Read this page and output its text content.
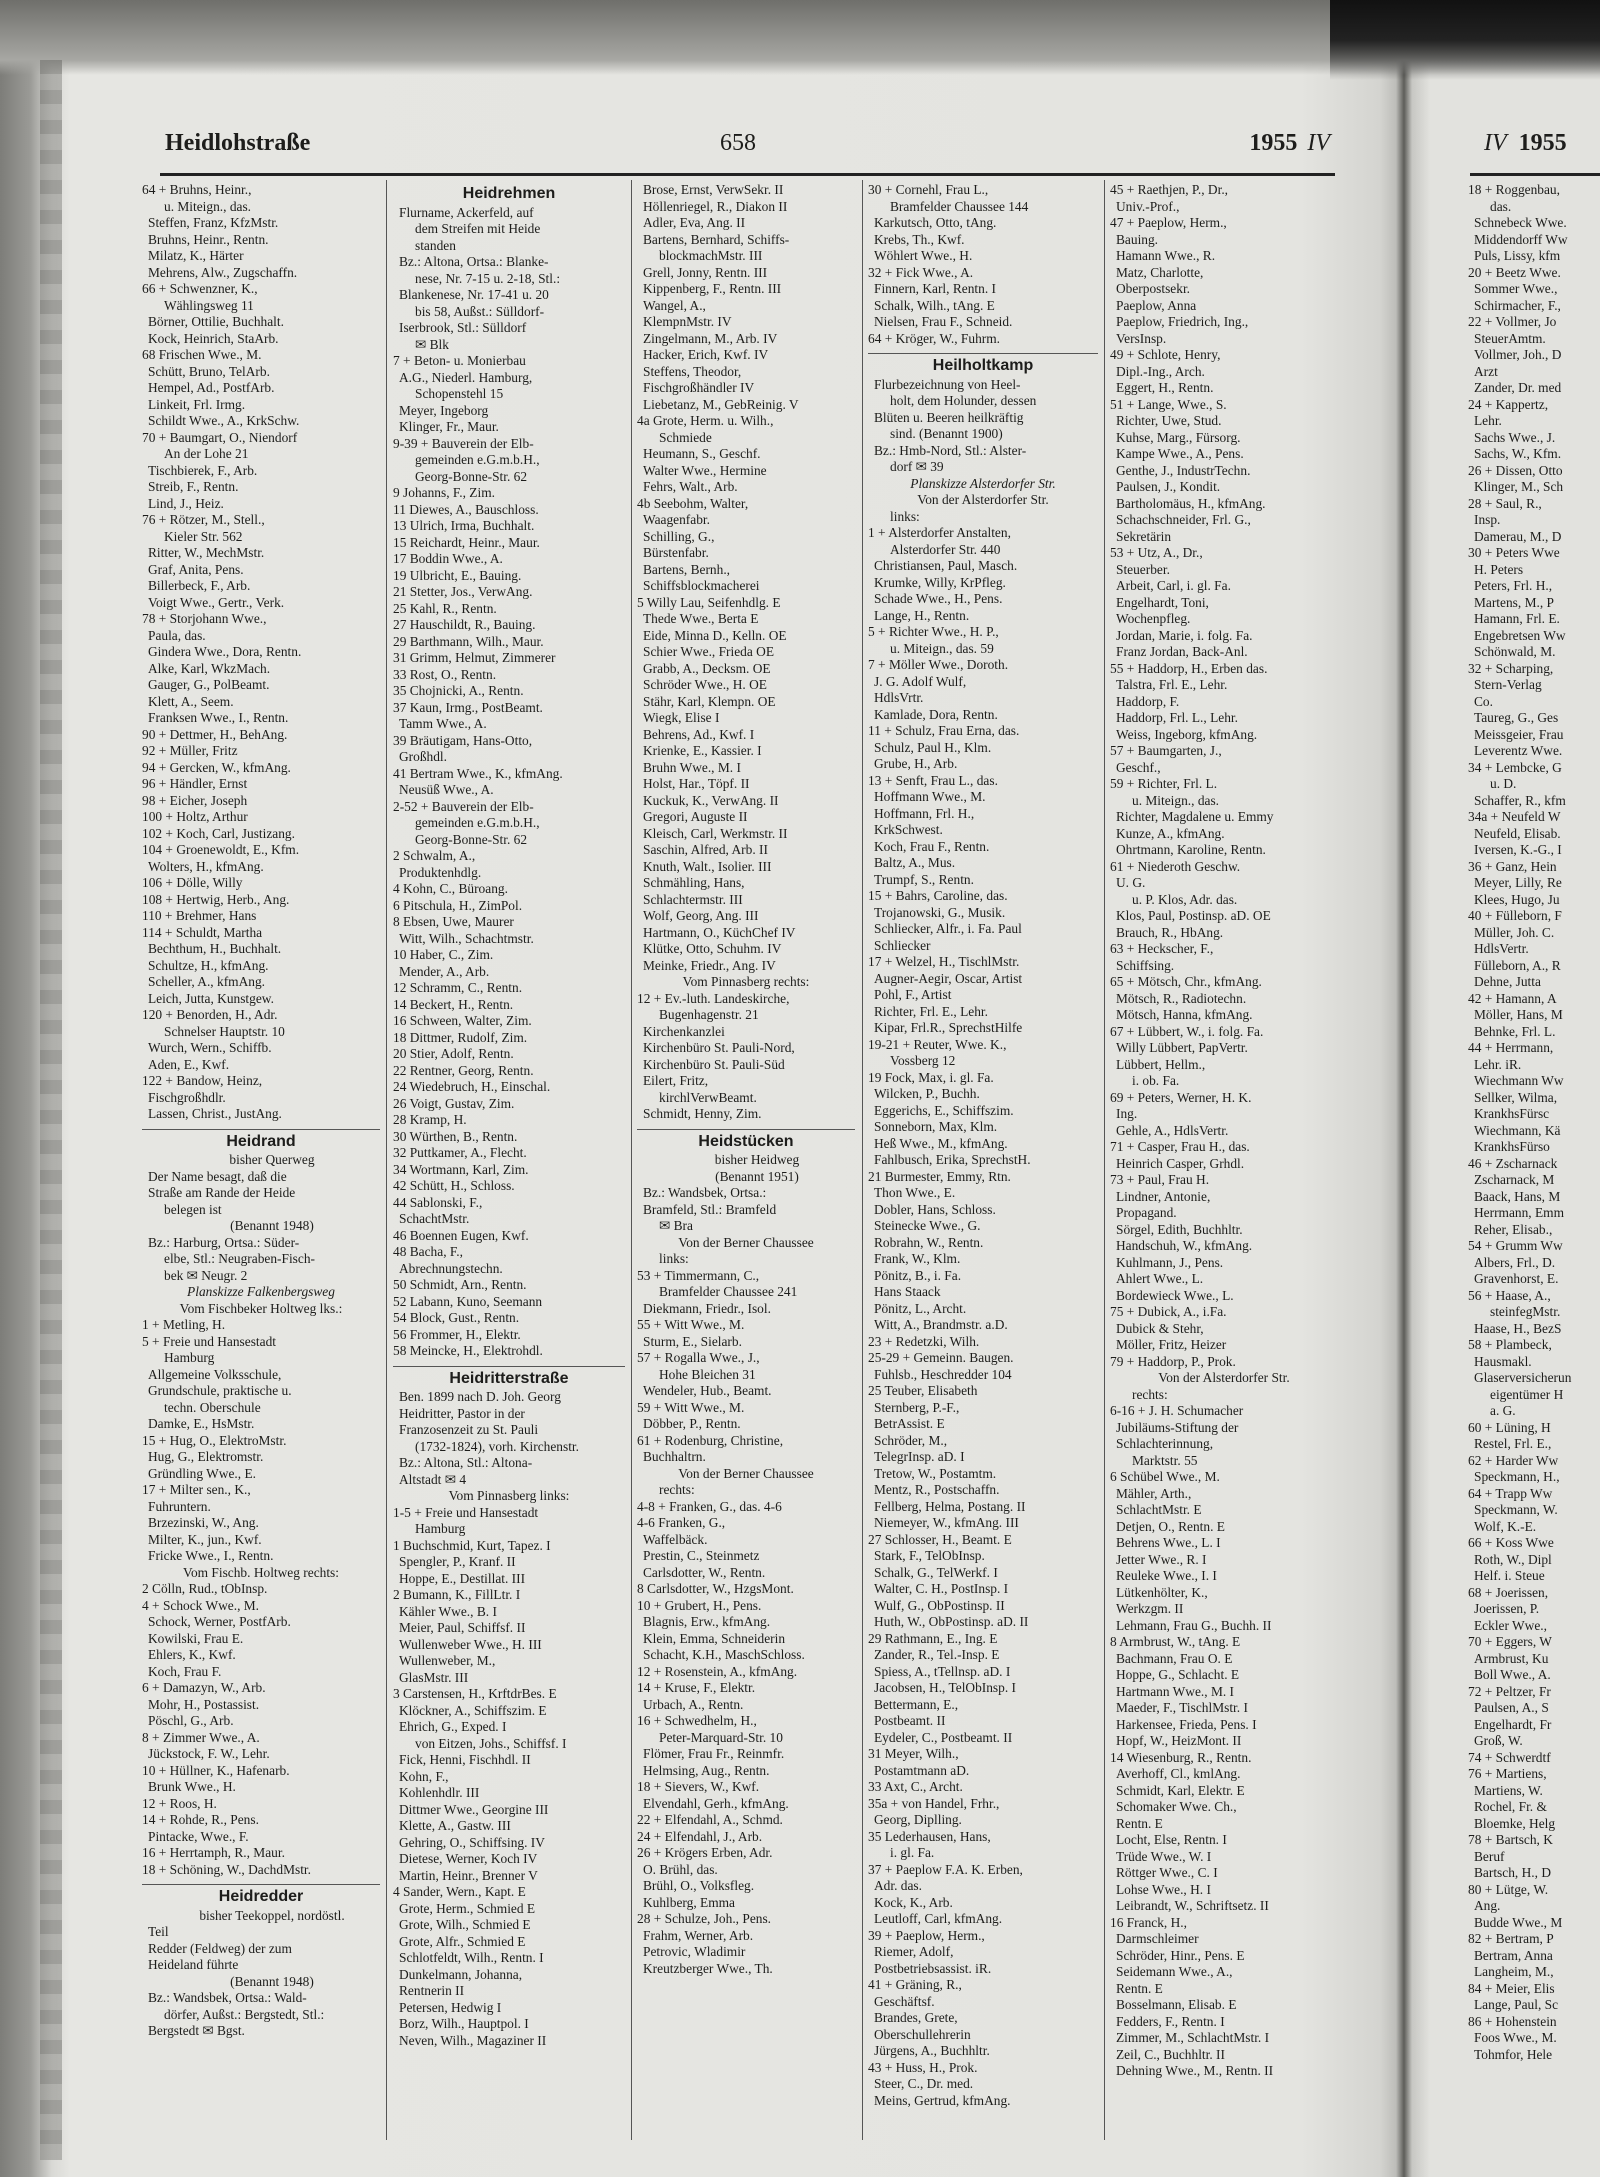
Heidlohstraße	658	1955 IV	IV 1955
64 + Bruhns, Heinr.,
u. Miteign., das.
Steffen, Franz, KfzMstr.
Bruhns, Heinr., Rentn.
Milatz, K., Härter
Mehrens, Alw., Zugschaffn.
66 + Schwenzner, K.,
Wählingsweg 11
Börner, Ottilie, Buchhalt.
Kock, Heinrich, StaArb.
68 Frischen Wwe., M.
Schütt, Bruno, TelArb.
Hempel, Ad., PostfArb.
Linkeit, Frl. Irmg.
Schildt Wwe., A., KrkSchw.
70 + Baumgart, O., Niendorf
An der Lohe 21
Tischbierek, F., Arb.
Streib, F., Rentn.
Lind, J., Heiz.
76 + Rötzer, M., Stell.,
Kieler Str. 562
Ritter, W., MechMstr.
Graf, Anita, Pens.
Billerbeck, F., Arb.
Voigt Wwe., Gertr., Verk.
78 + Storjohann Wwe.,
Paula, das.
Gindera Wwe., Dora, Rentn.
Alke, Karl, WkzMach.
Gauger, G., PolBeamt.
Klett, A., Seem.
Franksen Wwe., I., Rentn.
90 + Dettmer, H., BehAng.
92 + Müller, Fritz
94 + Gercken, W., kfmAng.
96 + Händler, Ernst
98 + Eicher, Joseph
100 + Holtz, Arthur
102 + Koch, Carl, Justizang.
104 + Groenewoldt, E., Kfm.
Wolters, H., kfmAng.
106 + Dölle, Willy
108 + Hertwig, Herb., Ang.
110 + Brehmer, Hans
114 + Schuldt, Martha
Bechthum, H., Buchhalt.
Schultze, H., kfmAng.
Scheller, A., kfmAng.
Leich, Jutta, Kunstgew.
120 + Benorden, H., Adr.
Schnelser Hauptstr. 10
Wurch, Wern., Schiffb.
Aden, E., Kwf.
122 + Bandow, Heinz,
Fischgroßhdlr.
Lassen, Christ., JustAng.
Heidrand
bisher Querweg
Der Name besagt, daß die
Straße am Rande der Heide
belegen ist
(Benannt 1948)
Bz.: Harburg, Ortsa.: Süder-
elbe, Stl.: Neugraben-Fisch-
bek ✉ Neugr. 2
Planskizze Falkenbergsweg
Vom Fischbeker Holtweg lks.:
1 + Metling, H.
5 + Freie und Hansestadt
Hamburg
Allgemeine Volksschule,
Grundschule, praktische u.
techn. Oberschule
Damke, E., HsMstr.
15 + Hug, O., ElektroMstr.
Hug, G., Elektromstr.
Gründling Wwe., E.
17 + Milter sen., K.,
Fuhruntern.
Brzezinski, W., Ang.
Milter, K., jun., Kwf.
Fricke Wwe., I., Rentn.
Vom Fischb. Holtweg rechts:
2 Cölln, Rud., tObInsp.
4 + Schock Wwe., M.
Schock, Werner, PostfArb.
Kowilski, Frau E.
Ehlers, K., Kwf.
Koch, Frau F.
6 + Damazyn, W., Arb.
Mohr, H., Postassist.
Pöschl, G., Arb.
8 + Zimmer Wwe., A.
Jückstock, F. W., Lehr.
10 + Hüllner, K., Hafenarb.
Brunk Wwe., H.
12 + Roos, H.
14 + Rohde, R., Pens.
Pintacke, Wwe., F.
16 + Herrtamph, R., Maur.
18 + Schöning, W., DachdMstr.
Heidredder
bisher Teekoppel, nordöstl.
Teil
Redder (Feldweg) der zum
Heideland führte
(Benannt 1948)
Bz.: Wandsbek, Ortsa.: Wald-
dörfer, Außst.: Bergstedt, Stl.:
Bergstedt ✉ Bgst.
Heidrehmen
Flurname, Ackerfeld, auf
dem Streifen mit Heide
standen
Bz.: Altona, Ortsa.: Blanke-
nese, Nr. 7-15 u. 2-18, Stl.:
Blankenese, Nr. 17-41 u. 20
bis 58, Außst.: Sülldorf-
Iserbrook, Stl.: Sülldorf
✉ Blk
7 + Beton- u. Monierbau
A.G., Niederl. Hamburg,
Schopenstehl 15
Meyer, Ingeborg
Klinger, Fr., Maur.
9-39 + Bauverein der Elb-
gemeinden e.G.m.b.H.,
Georg-Bonne-Str. 62
9 Johanns, F., Zim.
11 Diewes, A., Bauschloss.
13 Ulrich, Irma, Buchhalt.
15 Reichardt, Heinr., Maur.
17 Boddin Wwe., A.
19 Ulbricht, E., Bauing.
21 Stetter, Jos., VerwAng.
25 Kahl, R., Rentn.
27 Hauschildt, R., Bauing.
29 Barthmann, Wilh., Maur.
31 Grimm, Helmut, Zimmerer
33 Rost, O., Rentn.
35 Chojnicki, A., Rentn.
37 Kaun, Irmg., PostBeamt.
Tamm Wwe., A.
39 Bräutigam, Hans-Otto,
Großhdl.
41 Bertram Wwe., K., kfmAng.
Neusüß Wwe., A.
2-52 + Bauverein der Elb-
gemeinden e.G.m.b.H.,
Georg-Bonne-Str. 62
2 Schwalm, A.,
Produktenhdlg.
4 Kohn, C., Büroang.
6 Pitschula, H., ZimPol.
8 Ebsen, Uwe, Maurer
Witt, Wilh., Schachtmstr.
10 Haber, C., Zim.
Mender, A., Arb.
12 Schramm, C., Rentn.
14 Beckert, H., Rentn.
16 Schween, Walter, Zim.
18 Dittmer, Rudolf, Zim.
20 Stier, Adolf, Rentn.
22 Rentner, Georg, Rentn.
24 Wiedebruch, H., Einschal.
26 Voigt, Gustav, Zim.
28 Kramp, H.
30 Würthen, B., Rentn.
32 Puttkamer, A., Flecht.
34 Wortmann, Karl, Zim.
42 Schütt, H., Schloss.
44 Sablonski, F.,
SchachtMstr.
46 Boennen Eugen, Kwf.
48 Bacha, F.,
Abrechnungstechn.
50 Schmidt, Arn., Rentn.
52 Labann, Kuno, Seemann
54 Block, Gust., Rentn.
56 Frommer, H., Elektr.
58 Meincke, H., Elektrohdl.
Heidritterstraße
Ben. 1899 nach D. Joh. Georg
Heidritter, Pastor in der
Franzosenzeit zu St. Pauli
(1732-1824), vorh. Kirchenstr.
Bz.: Altona, Stl.: Altona-
Altstadt ✉ 4
Vom Pinnasberg links:
1-5 + Freie und Hansestadt
Hamburg
1 Buchschmid, Kurt, Tapez. I
Spengler, P., Kranf. II
Hoppe, E., Destillat. III
2 Bumann, K., FillLtr. I
Kähler Wwe., B. I
Meier, Paul, Schiffsf. II
Wullenweber Wwe., H. III
Wullenweber, M.,
GlasMstr. III
3 Carstensen, H., KrftdrBes. E
Klöckner, A., Schiffszim. E
Ehrich, G., Exped. I
von Eitzen, Johs., Schiffsf. I
Fick, Henni, Fischhdl. II
Kohn, F.,
Kohlenhdlr. III
Dittmer Wwe., Georgine III
Klette, A., Gastw. III
Gehring, O., Schiffsing. IV
Dietese, Werner, Koch IV
Martin, Heinr., Brenner V
4 Sander, Wern., Kapt. E
Grote, Herm., Schmied E
Grote, Wilh., Schmied E
Grote, Alfr., Schmied E
Schlotfeldt, Wilh., Rentn. I
Dunkelmann, Johanna,
Rentnerin II
Petersen, Hedwig I
Borz, Wilh., Hauptpol. I
Neven, Wilh., Magaziner II
Brose, Ernst, VerwSekr. II
Höllenriegel, R., Diakon II
Adler, Eva, Ang. II
Bartens, Bernhard, Schiffs-
blockmachMstr. III
Grell, Jonny, Rentn. III
Kippenberg, F., Rentn. III
Wangel, A.,
KlempnMstr. IV
Zingelmann, M., Arb. IV
Hacker, Erich, Kwf. IV
Steffens, Theodor,
Fischgroßhändler IV
Liebetanz, M., GebReinig. V
4a Grote, Herm. u. Wilh.,
Schmiede
Heumann, S., Geschf.
Walter Wwe., Hermine
Fehrs, Walt., Arb.
4b Seebohm, Walter,
Waagenfabr.
Schilling, G.,
Bürstenfabr.
Bartens, Bernh.,
Schiffsblockmacherei
5 Willy Lau, Seifenhdlg. E
Thede Wwe., Berta E
Eide, Minna D., Kelln. OE
Schier Wwe., Frieda OE
Grabb, A., Decksm. OE
Schröder Wwe., H. OE
Stähr, Karl, Klempn. OE
Wiegk, Elise I
Behrens, Ad., Kwf. I
Krienke, E., Kassier. I
Bruhn Wwe., M. I
Holst, Har., Töpf. II
Kuckuk, K., VerwAng. II
Gregori, Auguste II
Kleisch, Carl, Werkmstr. II
Saschin, Alfred, Arb. II
Knuth, Walt., Isolier. III
Schmähling, Hans,
Schlachtermstr. III
Wolf, Georg, Ang. III
Hartmann, O., KüchChef IV
Klütke, Otto, Schuhm. IV
Meinke, Friedr., Ang. IV
Vom Pinnasberg rechts:
12 + Ev.-luth. Landeskirche,
Bugenhagenstr. 21
Kirchenkanzlei
Kirchenbüro St. Pauli-Nord,
Kirchenbüro St. Pauli-Süd
Eilert, Fritz,
kirchlVerwBeamt.
Schmidt, Henny, Zim.
Heidstücken
bisher Heidweg
(Benannt 1951)
Bz.: Wandsbek, Ortsa.:
Bramfeld, Stl.: Bramfeld
✉ Bra
Von der Berner Chaussee
links:
53 + Timmermann, C.,
Bramfelder Chaussee 241
Diekmann, Friedr., Isol.
55 + Witt Wwe., M.
Sturm, E., Sielarb.
57 + Rogalla Wwe., J.,
Hohe Bleichen 31
Wendeler, Hub., Beamt.
59 + Witt Wwe., M.
Döbber, P., Rentn.
61 + Rodenburg, Christine,
Buchhaltrn.
Von der Berner Chaussee
rechts:
4-8 + Franken, G., das. 4-6
4-6 Franken, G.,
Waffelbäck.
Prestin, C., Steinmetz
Carlsdotter, W., Rentn.
8 Carlsdotter, W., HzgsMont.
10 + Grubert, H., Pens.
Blagnis, Erw., kfmAng.
Klein, Emma, Schneiderin
Schacht, K.H., MaschSchloss.
12 + Rosenstein, A., kfmAng.
14 + Kruse, F., Elektr.
Urbach, A., Rentn.
16 + Schwedhelm, H.,
Peter-Marquard-Str. 10
Flömer, Frau Fr., Reinmfr.
Helmsing, Aug., Rentn.
18 + Sievers, W., Kwf.
Elvendahl, Gerh., kfmAng.
22 + Elfendahl, A., Schmd.
24 + Elfendahl, J., Arb.
26 + Krögers Erben, Adr.
O. Brühl, das.
Brühl, O., Volksfleg.
Kuhlberg, Emma
28 + Schulze, Joh., Pens.
Frahm, Werner, Arb.
Petrovic, Wladimir
Kreutzberger Wwe., Th.
30 + Cornehl, Frau L.,
Bramfelder Chaussee 144
Karkutsch, Otto, tAng.
Krebs, Th., Kwf.
Wöhlert Wwe., H.
32 + Fick Wwe., A.
Finnern, Karl, Rentn. I
Schalk, Wilh., tAng. E
Nielsen, Frau F., Schneid.
64 + Kröger, W., Fuhrm.
Heilholtkamp
Flurbezeichnung von Heel-
holt, dem Holunder, dessen
Blüten u. Beeren heilkräftig
sind. (Benannt 1900)
Bz.: Hmb-Nord, Stl.: Alster-
dorf ✉ 39
Planskizze Alsterdorfer Str.
Von der Alsterdorfer Str.
links:
1 + Alsterdorfer Anstalten,
Alsterdorfer Str. 440
Christiansen, Paul, Masch.
Krumke, Willy, KrPfleg.
Schade Wwe., H., Pens.
Lange, H., Rentn.
5 + Richter Wwe., H. P.,
u. Miteign., das. 59
7 + Möller Wwe., Doroth.
J. G. Adolf Wulf,
HdlsVrtr.
Kamlade, Dora, Rentn.
11 + Schulz, Frau Erna, das.
Schulz, Paul H., Klm.
Grube, H., Arb.
13 + Senft, Frau L., das.
Hoffmann Wwe., M.
Hoffmann, Frl. H.,
KrkSchwest.
Koch, Frau F., Rentn.
Baltz, A., Mus.
Trumpf, S., Rentn.
15 + Bahrs, Caroline, das.
Trojanowski, G., Musik.
Schliecker, Alfr., i. Fa. Paul
Schliecker
17 + Welzel, H., TischlMstr.
Augner-Aegir, Oscar, Artist
Pohl, F., Artist
Richter, Frl. E., Lehr.
Kipar, Frl.R., SprechstHilfe
19-21 + Reuter, Wwe. K.,
Vossberg 12
19 Fock, Max, i. gl. Fa.
Wilcken, P., Buchh.
Eggerichs, E., Schiffszim.
Sonneborn, Max, Klm.
Heß Wwe., M., kfmAng.
Fahlbusch, Erika, SprechstH.
21 Burmester, Emmy, Rtn.
Thon Wwe., E.
Dobler, Hans, Schloss.
Steinecke Wwe., G.
Robrahn, W., Rentn.
Frank, W., Klm.
Pönitz, B., i. Fa.
Hans Staack
Pönitz, L., Archt.
Witt, A., Brandmstr. a.D.
23 + Redetzki, Wilh.
25-29 + Gemeinn. Baugen.
Fuhlsb., Heschredder 104
25 Teuber, Elisabeth
Sternberg, P.-F.,
BetrAssist. E
Schröder, M.,
TelegrInsp. aD. I
Tretow, W., Postamtm.
Mentz, R., Postschaffn.
Fellberg, Helma, Postang. II
Niemeyer, W., kfmAng. III
27 Schlosser, H., Beamt. E
Stark, F., TelObInsp.
Schalk, G., TelWerkf. I
Walter, C. H., PostInsp. I
Wulf, G., ObPostinsp. II
Huth, W., ObPostinsp. aD. II
29 Rathmann, E., Ing. E
Zander, R., Tel.-Insp. E
Spiess, A., tTellnsp. aD. I
Jacobsen, H., TelObInsp. I
Bettermann, E.,
Postbeamt. II
Eydeler, C., Postbeamt. II
31 Meyer, Wilh.,
Postamtmann aD.
33 Axt, C., Archt.
35a + von Handel, Frhr.,
Georg, Diplling.
35 Lederhausen, Hans,
i. gl. Fa.
37 + Paeplow F.A. K. Erben,
Adr. das.
Kock, K., Arb.
Leutloff, Carl, kfmAng.
39 + Paeplow, Herm.,
Riemer, Adolf,
Postbetriebsassist. iR.
41 + Gräning, R.,
Geschäftsf.
Brandes, Grete,
Oberschullehrerin
Jürgens, A., Buchhltr.
43 + Huss, H., Prok.
Steer, C., Dr. med.
Meins, Gertrud, kfmAng.
45 + Raethjen, P., Dr.,
Univ.-Prof.,
47 + Paeplow, Herm.,
Bauing.
Hamann Wwe., R.
Matz, Charlotte,
Oberpostsekr.
Paeplow, Anna
Paeplow, Friedrich, Ing.,
VersInsp.
49 + Schlote, Henry,
Dipl.-Ing., Arch.
Eggert, H., Rentn.
51 + Lange, Wwe., S.
Richter, Uwe, Stud.
Kuhse, Marg., Fürsorg.
Kampe Wwe., A., Pens.
Genthe, J., IndustrTechn.
Paulsen, J., Kondit.
Bartholomäus, H., kfmAng.
Schachschneider, Frl. G.,
Sekretärin
53 + Utz, A., Dr.,
Steuerber.
Arbeit, Carl, i. gl. Fa.
Engelhardt, Toni,
Wochenpfleg.
Jordan, Marie, i. folg. Fa.
Franz Jordan, Back-Anl.
55 + Haddorp, H., Erben das.
Talstra, Frl. E., Lehr.
Haddorp, F.
Haddorp, Frl. L., Lehr.
Weiss, Ingeborg, kfmAng.
57 + Baumgarten, J.,
Geschf.,
59 + Richter, Frl. L.
u. Miteign., das.
Richter, Magdalene u. Emmy
Kunze, A., kfmAng.
Ohrtmann, Karoline, Rentn.
61 + Niederoth Geschw.
U. G.
u. P. Klos, Adr. das.
Klos, Paul, Postinsp. aD. OE
Brauch, R., HbAng.
63 + Heckscher, F.,
Schiffsing.
65 + Mötsch, Chr., kfmAng.
Mötsch, R., Radiotechn.
Mötsch, Hanna, kfmAng.
67 + Lübbert, W., i. folg. Fa.
Willy Lübbert, PapVertr.
Lübbert, Hellm.,
i. ob. Fa.
69 + Peters, Werner, H. K.
Ing.
Gehle, A., HdlsVertr.
71 + Casper, Frau H., das.
Heinrich Casper, Grhdl.
73 + Paul, Frau H.
Lindner, Antonie,
Propagand.
Sörgel, Edith, Buchhltr.
Handschuh, W., kfmAng.
Kuhlmann, J., Pens.
Ahlert Wwe., L.
Bordewieck Wwe., L.
75 + Dubick, A., i.Fa.
Dubick & Stehr,
Möller, Fritz, Heizer
79 + Haddorp, P., Prok.
Von der Alsterdorfer Str.
rechts:
6-16 + J. H. Schumacher
Jubiläums-Stiftung der
Schlachterinnung,
Marktstr. 55
6 Schübel Wwe., M.
Mähler, Arth.,
SchlachtMstr. E
Detjen, O., Rentn. E
Behrens Wwe., L. I
Jetter Wwe., R. I
Reuleke Wwe., I. I
Lütkenhölter, K.,
Werkzgm. II
Lehmann, Frau G., Buchh. II
8 Armbrust, W., tAng. E
Bachmann, Frau O. E
Hoppe, G., Schlacht. E
Hartmann Wwe., M. I
Maeder, F., TischlMstr. I
Harkensee, Frieda, Pens. I
Hopf, W., HeizMont. II
14 Wiesenburg, R., Rentn.
Averhoff, Cl., kmlAng.
Schmidt, Karl, Elektr. E
Schomaker Wwe. Ch.,
Rentn. E
Locht, Else, Rentn. I
Trüde Wwe., W. I
Röttger Wwe., C. I
Lohse Wwe., H. I
Leibrandt, W., Schriftsetz. II
16 Franck, H.,
Darmschleimer
Schröder, Hinr., Pens. E
Seidemann Wwe., A.,
Rentn. E
Bosselmann, Elisab. E
Fedders, F., Rentn. I
Zimmer, M., SchlachtMstr. I
Zeil, C., Buchhltr. II
Dehning Wwe., M., Rentn. II
18 + Roggenbau,
das.
Schnebeck Wwe.
Middendorff Ww
Puls, Lissy, kfm
20 + Beetz Wwe.
Sommer Wwe.,
Schirmacher, F.,
22 + Vollmer, Jo
SteuerAmtm.
Vollmer, Joh., D
Arzt
Zander, Dr. med
24 + Kappertz,
Lehr.
Sachs Wwe., J.
Sachs, W., Kfm.
26 + Dissen, Otto
Klinger, M., Sch
28 + Saul, R.,
Insp.
Damerau, M., D
30 + Peters Wwe
H. Peters
Peters, Frl. H.,
Martens, M., P
Hamann, Frl. E.
Engebretsen Ww
Schönwald, M.
32 + Scharping,
Stern-Verlag
Co.
Taureg, G., Ges
Meissgeier, Frau
Leverentz Wwe.
34 + Lembcke, G
u. D.
Schaffer, R., kfm
34a + Neufeld W
Neufeld, Elisab.
Iversen, K.-G., I
36 + Ganz, Hein
Meyer, Lilly, Re
Klees, Hugo, Ju
40 + Fülleborn, F
Müller, Joh. C.
HdlsVertr.
Fülleborn, A., R
Dehne, Jutta
42 + Hamann, A
Möller, Hans, M
Behnke, Frl. L.
44 + Herrmann,
Lehr. iR.
Wiechmann Ww
Sellker, Wilma,
KrankhsFürsc
Wiechmann, Kä
KrankhsFürso
46 + Zscharnack
Zscharnack, M
Baack, Hans, M
Herrmann, Emm
Reher, Elisab.,
54 + Grumm Ww
Albers, Frl., D.
Gravenhorst, E.
56 + Haase, A.,
steinfegMstr.
Haase, H., BezS
58 + Plambeck,
Hausmakl.
Glaserversicherun
eigentümer H
a. G.
60 + Lüning, H
Restel, Frl. E.,
62 + Harder Ww
Speckmann, H.,
64 + Trapp Ww
Speckmann, W.
Wolf, K.-E.
66 + Koss Wwe
Roth, W., Dipl
Helf. i. Steue
68 + Joerissen,
Joerissen, P.
Eckler Wwe.,
70 + Eggers, W
Armbrust, Ku
Boll Wwe., A.
72 + Peltzer, Fr
Paulsen, A., S
Engelhardt, Fr
Groß, W.
74 + Schwerdtf
76 + Martiens,
Martiens, W.
Rochel, Fr. &
Bloemke, Helg
78 + Bartsch, K
Beruf
Bartsch, H., D
80 + Lütge, W.
Ang.
Budde Wwe., M
82 + Bertram, P
Bertram, Anna
Langheim, M.,
84 + Meier, Elis
Lange, Paul, Sc
86 + Hohenstein
Foos Wwe., M.
Tohmfor, Hele
